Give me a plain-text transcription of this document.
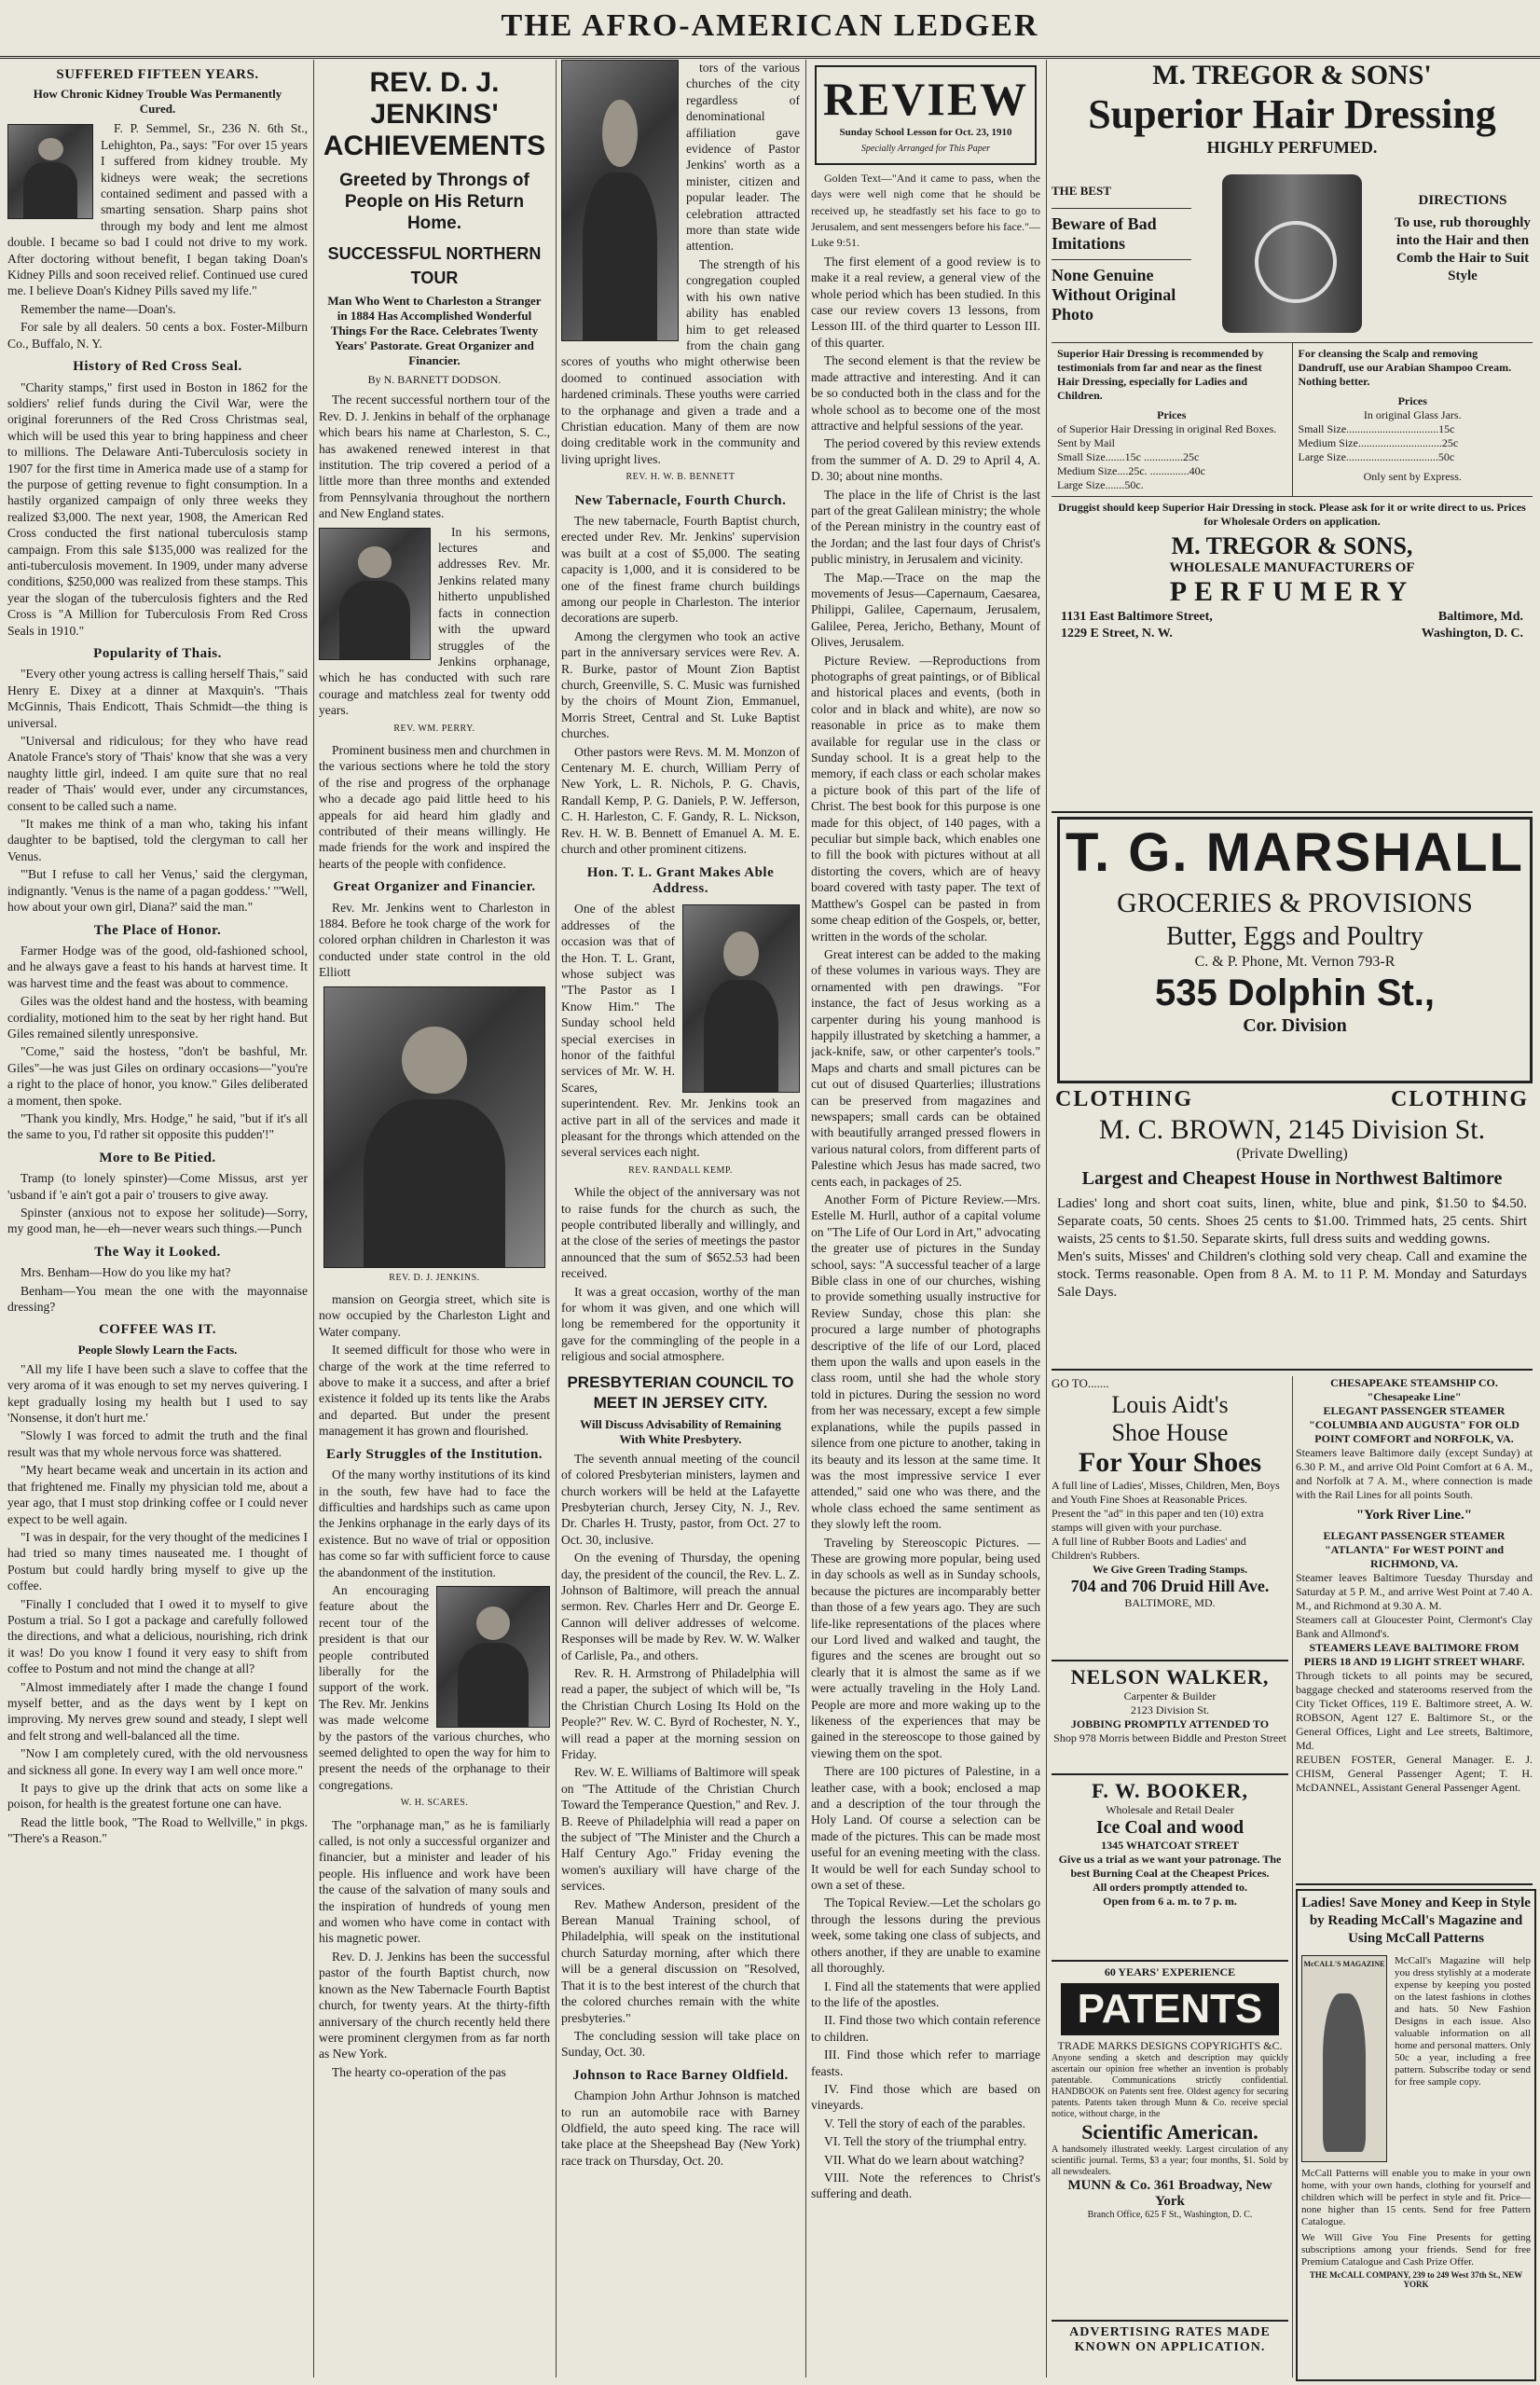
THE AFRO-AMERICAN LEDGER
SUFFERED FIFTEEN YEARS.
How Chronic Kidney Trouble Was Permanently Cured.

F. P. Semmel, Sr., 236 N. 6th St., Lehighton, Pa., says: "For over 15 years I suffered from kidney trouble. My kidneys were weak; the secretions contained sediment and passed with a smarting sensation. Sharp pains shot through my body and lent me almost double. I became so bad I could not drive to my work. After doctoring without benefit, I began taking Doan's Kidney Pills and soon received relief. Continued use cured me. I believe Doan's Kidney Pills saved my life."

Remember the name—Doan's.

For sale by all dealers. 50 cents a box. Foster-Milburn Co., Buffalo, N. Y.

History of Red Cross Seal.

"Charity stamps," first used in Boston in 1862 for the soldiers' relief funds during the Civil War, were the original forerunners of the Red Cross Christmas seal, which will be used this year to bring happiness and cheer to millions. The Delaware Anti-Tuberculosis society in 1907 for the first time in America made use of a stamp for the purpose of getting revenue to fight consumption. In a hastily organized campaign of only three weeks they realized $3,000. The next year, 1908, the American Red Cross conducted the first national tuberculosis stamp campaign. From this sale $135,000 was realized for the anti-tuberculosis movement. In 1909, under many adverse conditions, $250,000 was realized from these stamps. This year the slogan of the tuberculosis fighters and the Red Cross is "A Million for Tuberculosis From Red Cross Seals in 1910."

Popularity of Thais.

"Every other young actress is calling herself Thais," said Henry E. Dixey at a dinner at Maxquin's. "Thais McGinnis, Thais Endicott, Thais Schmidt—the thing is universal.

"Universal and ridiculous; for they who have read Anatole France's story of 'Thais' know that she was a very naughty little girl, indeed. I am quite sure that no real reader of 'Thais' would ever, under any circumstances, consent to be called such a name.

"It makes me think of a man who, taking his infant daughter to be baptised, told the clergyman to call her Venus.

"'But I refuse to call her Venus,' said the clergyman, indignantly. 'Venus is the name of a pagan goddess.' "'Well, how about your own girl, Diana?' said the man."

The Place of Honor.

Farmer Hodge was of the good, old-fashioned school, and he always gave a feast to his hands at harvest time. It was harvest time and the feast was about to commence.

Giles was the oldest hand and the hostess, with beaming cordiality, motioned him to the seat by her right hand. But Giles remained silently unresponsive.

"Come," said the hostess, "don't be bashful, Mr. Giles"—he was just Giles on ordinary occasions—"you're a right to the place of honor, you know." Giles deliberated a moment, then spoke.

"Thank you kindly, Mrs. Hodge," he said, "but if it's all the same to you, I'd rather sit opposite this pudden'!"

More to Be Pitied.

Tramp (to lonely spinster)—Come Missus, arst yer 'usband if 'e ain't got a pair o' trousers to give away.

Spinster (anxious not to expose her solitude)—Sorry, my good man, he—eh—never wears such things.—Punch

The Way it Looked.

Mrs. Benham—How do you like my hat?

Benham—You mean the one with the mayonnaise dressing?

COFFEE WAS IT.
People Slowly Learn the Facts.

"All my life I have been such a slave to coffee that the very aroma of it was enough to set my nerves quivering. I kept gradually losing my health but I used to say 'Nonsense, it don't hurt me.'

"Slowly I was forced to admit the truth and the final result was that my whole nervous force was shattered.

"My heart became weak and uncertain in its action and that frightened me. Finally my physician told me, about a year ago, that I must stop drinking coffee or I could never expect to be well again.

"I was in despair, for the very thought of the medicines I had tried so many times nauseated me. I thought of Postum but could hardly bring myself to give up the coffee.

"Finally I concluded that I owed it to myself to give Postum a trial. So I got a package and carefully followed the directions, and what a delicious, nourishing, rich drink it was! Do you know I found it very easy to shift from coffee to Postum and not mind the change at all?

"Almost immediately after I made the change I found myself better, and as the days went by I kept on improving. My nerves grew sound and steady, I slept well and felt strong and well-balanced all the time.

"Now I am completely cured, with the old nervousness and sickness all gone. In every way I am well once more."

It pays to give up the drink that acts on some like a poison, for health is the greatest fortune one can have.

Read the little book, "The Road to Wellville," in pkgs. "There's a Reason."

REV. D. J. JENKINS' ACHIEVEMENTS
Greeted by Throngs of People on His Return Home.
SUCCESSFUL NORTHERN TOUR
Man Who Went to Charleston a Stranger in 1884 Has Accomplished Wonderful Things For the Race. Celebrates Twenty Years' Pastorate. Great Organizer and Financier.
By N. BARNETT DODSON.

The recent successful northern tour of the Rev. D. J. Jenkins in behalf of the orphanage which bears his name at Charleston, S. C., has awakened renewed interest in that institution. The trip covered a period of a little more than three months and extended from Pennsylvania throughout the northern and New England states.

In his sermons, lectures and addresses Rev. Mr. Jenkins related many hitherto unpublished facts in connection with the upward struggles of the Jenkins orphanage, which he has conducted with such rare courage and matchless zeal for twenty odd years.

REV. WM. PERRY.

Prominent business men and churchmen in the various sections where he told the story of the rise and progress of the orphanage who a decade ago paid little heed to his appeals for aid heard him gladly and contributed of their means willingly. He made friends for the work and inspired the hearts of the people with confidence.

Great Organizer and Financier.

Rev. Mr. Jenkins went to Charleston in 1884. Before he took charge of the work for colored orphan children in Charleston it was conducted under state control in the old Elliott

REV. D. J. JENKINS.

mansion on Georgia street, which site is now occupied by the Charleston Light and Water company.

It seemed difficult for those who were in charge of the work at the time referred to above to make it a success, and after a brief existence it folded up its tents like the Arabs and departed. But under the present management it has grown and flourished.

Early Struggles of the Institution.

Of the many worthy institutions of its kind in the south, few have had to face the difficulties and hardships such as came upon the Jenkins orphanage in the early days of its existence. But no wave of trial or opposition has come so far with sufficient force to cause the abandonment of the institution.

An encouraging feature about the recent tour of the president is that our people contributed liberally for the support of the work. The Rev. Mr. Jenkins was made welcome by the pastors of the various churches, who seemed delighted to open the way for him to present the needs of the orphanage to their congregations.

W. H. SCARES.

The "orphanage man," as he is familiarly called, is not only a successful organizer and financier, but a minister and leader of his people. His influence and work have been the cause of the salvation of many souls and the inspiration of hundreds of young men and women who have come in contact with his magnetic power.

Rev. D. J. Jenkins has been the successful pastor of the fourth Baptist church, now known as the New Tabernacle Fourth Baptist church, for twenty years. At the thirty-fifth anniversary of the church recently held there were prominent clergymen from as far north as New York.

The hearty co-operation of the pas

tors of the various churches of the city regardless of denominational affiliation gave evidence of Pastor Jenkins' worth as a minister, citizen and popular leader. The celebration attracted more than state wide attention.

The strength of his congregation coupled with his own native ability has enabled him to get released from the chain gang scores of youths who might otherwise been doomed to continued association with hardened criminals. These youths were carried to the orphanage and given a trade and a Christian education. Many of them are now doing creditable work in the community and living upright lives.

REV. H. W. B. BENNETT
New Tabernacle, Fourth Church.

The new tabernacle, Fourth Baptist church, erected under Rev. Mr. Jenkins' supervision was built at a cost of $5,000. The seating capacity is 1,000, and it is considered to be one of the finest frame church buildings among our people in Charleston. The interior decorations are superb.

Among the clergymen who took an active part in the anniversary services were Rev. A. R. Burke, pastor of Mount Zion Baptist church, Greenville, S. C. Music was furnished by the choirs of Mount Zion, Emmanuel, Morris Street, Central and St. Luke Baptist churches.

Other pastors were Revs. M. M. Monzon of Centenary M. E. church, William Perry of New York, L. R. Nichols, P. G. Chavis, Randall Kemp, P. G. Daniels, P. W. Jefferson, C. H. Harleston, C. F. Gandy, R. L. Nickson, Rev. H. W. B. Bennett of Emanuel A. M. E. church and other prominent citizens.

Hon. T. L. Grant Makes Able Address.

One of the ablest addresses of the occasion was that of the Hon. T. L. Grant, whose subject was "The Pastor as I Know Him." The Sunday school held special exercises in honor of the faithful services of Mr. W. H. Scares, superintendent. Rev. Mr. Jenkins took an active part in all of the services and made it pleasant for the throngs which attended on the several services each night.

REV. RANDALL KEMP.

While the object of the anniversary was not to raise funds for the church as such, the people contributed liberally and willingly, and at the close of the series of meetings the pastor announced that the sum of $652.53 had been received.

It was a great occasion, worthy of the man for whom it was given, and one which will long be remembered for the opportunity it gave for the commingling of the people in a religious and social atmosphere.

PRESBYTERIAN COUNCIL TO MEET IN JERSEY CITY.
Will Discuss Advisability of Remaining With White Presbytery.

The seventh annual meeting of the council of colored Presbyterian ministers, laymen and church workers will be held at the Lafayette Presbyterian church, Jersey City, N. J., Rev. Dr. Charles H. Trusty, pastor, from Oct. 27 to Oct. 30, inclusive.

On the evening of Thursday, the opening day, the president of the council, the Rev. L. Z. Johnson of Baltimore, will preach the annual sermon. Rev. Charles Herr and Dr. George E. Cannon will deliver addresses of welcome. Responses will be made by Rev. W. W. Walker of Carlisle, Pa., and others.

Rev. R. H. Armstrong of Philadelphia will read a paper, the subject of which will be, "Is the Christian Church Losing Its Hold on the People?" Rev. W. C. Byrd of Rochester, N. Y., will read a paper at the morning session on Friday.

Rev. W. E. Williams of Baltimore will speak on "The Attitude of the Christian Church Toward the Temperance Question," and Rev. J. B. Reeve of Philadelphia will read a paper on the subject of "The Minister and the Church a Half Century Ago." Friday evening the women's auxiliary will have charge of the services.

Rev. Mathew Anderson, president of the Berean Manual Training school, of Philadelphia, will speak on the institutional church Saturday morning, after which there will be a general discussion on "Resolved, That it is to the best interest of the church that the colored churches remain with the white presbyteries."

The concluding session will take place on Sunday, Oct. 30.

Johnson to Race Barney Oldfield.

Champion John Arthur Johnson is matched to run an automobile race with Barney Oldfield, the auto speed king. The race will take place at the Sheepshead Bay (New York) race track on Thursday, Oct. 20.

REVIEW
Sunday School Lesson for Oct. 23, 1910
Specially Arranged for This Paper

Golden Text—"And it came to pass, when the days were well nigh come that he should be received up, he steadfastly set his face to go to Jerusalem, and sent messengers before his face."—Luke 9:51.

The first element of a good review is to make it a real review, a general view of the whole period which has been studied. In this case our review covers 13 lessons, from Lesson III. of the third quarter to Lesson III. of this quarter.

The second element is that the review be made attractive and interesting. And it can be so conducted both in the class and for the whole school as to become one of the most attractive and helpful sessions of the year.

The period covered by this review extends from the summer of A. D. 29 to April 4, A. D. 30; about nine months.

The place in the life of Christ is the last part of the great Galilean ministry; the whole of the Perean ministry in the country east of the Jordan; and the last four days of Christ's public ministry, in Jerusalem and vicinity.

The Map.—Trace on the map the movements of Jesus—Capernaum, Caesarea, Philippi, Galilee, Capernaum, Jerusalem, Galilee, Perea, Jericho, Bethany, Mount of Olives, Jerusalem.

Picture Review. —Reproductions from photographs of great paintings, or of Biblical and historical places and events, (both in color and in black and white), are now so reasonable in price as to make them available for regular use in the class or Sunday school. It is a great help to the memory, if each class or each scholar makes a picture book of this part of the life of Christ. The best book for this purpose is one made for this object, of 140 pages, with a peculiar but simple back, which enables one to fill the book with pictures without at all distorting the covers, which are of heavy board covered with tasty paper. The text of Matthew's Gospel can be pasted in from some cheap edition of the Gospels, or, better, written in the words of the scholar.

Great interest can be added to the making of these volumes in various ways. They are ornamented with pen drawings. "For instance, the fact of Jesus working as a carpenter during his young manhood is happily illustrated by sketching a hammer, a jack-knife, saw, or other carpenter's tools." Maps and charts and small pictures can be cut out of disused Quarterlies; illustrations can be preserved from magazines and newspapers; small cards can be obtained with beautifully arranged pressed flowers in various natural colors, from different parts of Palestine which Jesus has made sacred, two cents each, in packages of 25.

Another Form of Picture Review.—Mrs. Estelle M. Hurll, author of a capital volume on "The Life of Our Lord in Art," advocating the greater use of pictures in the Sunday school, says: "A successful teacher of a large Bible class in one of our churches, wishing to provide something usually instructive for Review Sunday, chose this plan: she procured a large number of photographs descriptive of the life of our Lord, placed them upon the walls and upon easels in the class room, until she had the whole story told in pictures. During the session no word from her was necessary, except a few simple explanations, while the pupils passed in silence from one picture to another, taking in its beauty and its lesson at the same time. It was the most impressive service I ever attended," said one who was there, and the whole class echoed the same sentiment as they slowly left the room.

Traveling by Stereoscopic Pictures. —These are growing more popular, being used in day schools as well as in Sunday schools, because the pictures are incomparably better than those of a few years ago. They are such life-like representations of the places where our Lord lived and walked and taught, the figures and the scenes are brought out so clearly that it is almost the same as if we were actually traveling in the Holy Land. People are more and more waking up to the likeness of the experiences that may be gained in the stereoscope to those gained by viewing them on the spot.

There are 100 pictures of Palestine, in a leather case, with a book; enclosed a map and a description of the tour through the Holy Land. Of course a selection can be made of the pictures. This can be made most useful for an evening meeting with the class. It would be well for each Sunday school to own a set of these.

The Topical Review.—Let the scholars go through the lessons during the previous week, some taking one class of subjects, and others another, if they are unable to examine all thoroughly.

I. Find all the statements that were applied to the life of the apostles.

II. Find those two which contain reference to children.

III. Find those which refer to marriage feasts.

IV. Find those which are based on vineyards.

V. Tell the story of each of the parables.

VI. Tell the story of the triumphal entry.

VII. What do we learn about watching?

VIII. Note the references to Christ's suffering and death.

M. TREGOR & SONS'
Superior Hair Dressing
HIGHLY PERFUMED.
THE BEST
Beware of Bad Imitations
None Genuine Without Original Photo
DIRECTIONS
To use, rub thoroughly into the Hair and then Comb the Hair to Suit Style
Superior Hair Dressing is recommended by testimonials from far and near as the finest Hair Dressing, especially for Ladies and Children.
Prices
of Superior Hair Dressing in original Red Boxes. Sent by Mail
Small Size.......15c ..............25c
Medium Size....25c. ..............40c
Large Size.......50c.
For cleansing the Scalp and removing Dandruff, use our Arabian Shampoo Cream. Nothing better.
Prices
In original Glass Jars.
Small Size.................................15c
Medium Size..............................25c
Large Size.................................50c
Only sent by Express.
Druggist should keep Superior Hair Dressing in stock. Please ask for it or write direct to us. Prices for Wholesale Orders on application.
M. TREGOR & SONS,
WHOLESALE MANUFACTURERS OF
PERFUMERY
1131 East Baltimore Street,	Baltimore, Md.
1229 E Street, N. W.	Washington, D. C.
T. G. MARSHALL
GROCERIES & PROVISIONS
Butter, Eggs and Poultry
C. & P. Phone, Mt. Vernon 793-R
535 Dolphin St.,
Cor. Division
CLOTHING	CLOTHING
M. C. BROWN, 2145 Division St.
(Private Dwelling)
Largest and Cheapest House in Northwest Baltimore
Ladies' long and short coat suits, linen, white, blue and pink, $1.50 to $4.50. Separate coats, 50 cents. Shoes 25 cents to $1.00. Trimmed hats, 25 cents. Shirt waists, 25 cents to $1.50. Separate skirts, full dress suits and wedding gowns.
Men's suits, Misses' and Children's clothing sold very cheap. Call and examine the stock. Terms reasonable. Open from 8 A. M. to 11 P. M. Monday and Saturdays Sale Days.
GO TO.......
Louis Aidt's
Shoe House
For Your Shoes
A full line of Ladies', Misses, Children, Men, Boys and Youth Fine Shoes at Reasonable Prices.
Present the "ad" in this paper and ten (10) extra stamps will given with your purchase.
A full line of Rubber Boots and Ladies' and Children's Rubbers.
We Give Green Trading Stamps.
704 and 706 Druid Hill Ave.
BALTIMORE, MD.
NELSON WALKER,
Carpenter & Builder
2123 Division St.
JOBBING PROMPTLY ATTENDED TO
Shop 978 Morris between Biddle and Preston Street
F. W. BOOKER,
Wholesale and Retail Dealer
Ice Coal and wood
1345 WHATCOAT STREET
Give us a trial as we want your patronage. The best Burning Coal at the Cheapest Prices.
All orders promptly attended to.
Open from 6 a. m. to 7 p. m.
60 YEARS' EXPERIENCE
PATENTS
TRADE MARKS DESIGNS COPYRIGHTS &C.
Anyone sending a sketch and description may quickly ascertain our opinion free whether an invention is probably patentable. Communications strictly confidential. HANDBOOK on Patents sent free. Oldest agency for securing patents. Patents taken through Munn & Co. receive special notice, without charge, in the
Scientific American.
A handsomely illustrated weekly. Largest circulation of any scientific journal. Terms, $3 a year; four months, $1. Sold by all newsdealers.
MUNN & Co. 361 Broadway, New York
Branch Office, 625 F St., Washington, D. C.
ADVERTISING RATES MADE KNOWN ON APPLICATION.
CHESAPEAKE STEAMSHIP CO.
"Chesapeake Line"
ELEGANT PASSENGER STEAMER "COLUMBIA AND AUGUSTA" FOR OLD POINT COMFORT and NORFOLK, VA.
Steamers leave Baltimore daily (except Sunday) at 6.30 P. M., and arrive Old Point Comfort at 6 A. M., and Norfolk at 7 A. M., where connection is made with the Rail Lines for all points South.
"York River Line."
ELEGANT PASSENGER STEAMER "ATLANTA" For WEST POINT and RICHMOND, VA.
Steamer leaves Baltimore Tuesday Thursday and Saturday at 5 P. M., and arrive West Point at 7.40 A. M., and Richmond at 9.30 A. M.
Steamers call at Gloucester Point, Clermont's Clay Bank and Allmond's.
STEAMERS LEAVE BALTIMORE FROM PIERS 18 AND 19 LIGHT STREET WHARF.
Through tickets to all points may be secured, baggage checked and staterooms reserved from the City Ticket Offices, 119 E. Baltimore street, A. W. ROBSON, Agent 127 E. Baltimore St., or the General Offices, Light and Lee streets, Baltimore, Md.
REUBEN FOSTER, General Manager. E. J. CHISM, General Passenger Agent; T. H. McDANNEL, Assistant General Passenger Agent.
Ladies! Save Money and Keep in Style by Reading McCall's Magazine and Using McCall Patterns
McCALL'S MAGAZINE McCall's Magazine will help you dress stylishly at a moderate expense by keeping you posted on the latest fashions in clothes and hats. 50 New Fashion Designs in each issue. Also valuable information on all home and personal matters. Only 50c a year, including a free pattern. Subscribe today or send for free sample copy.
McCall Patterns will enable you to make in your own home, with your own hands, clothing for yourself and children which will be perfect in style and fit. Price—none higher than 15 cents. Send for free Pattern Catalogue.
We Will Give You Fine Presents for getting subscriptions among your friends. Send for free Premium Catalogue and Cash Prize Offer.
THE McCALL COMPANY, 239 to 249 West 37th St., NEW YORK
